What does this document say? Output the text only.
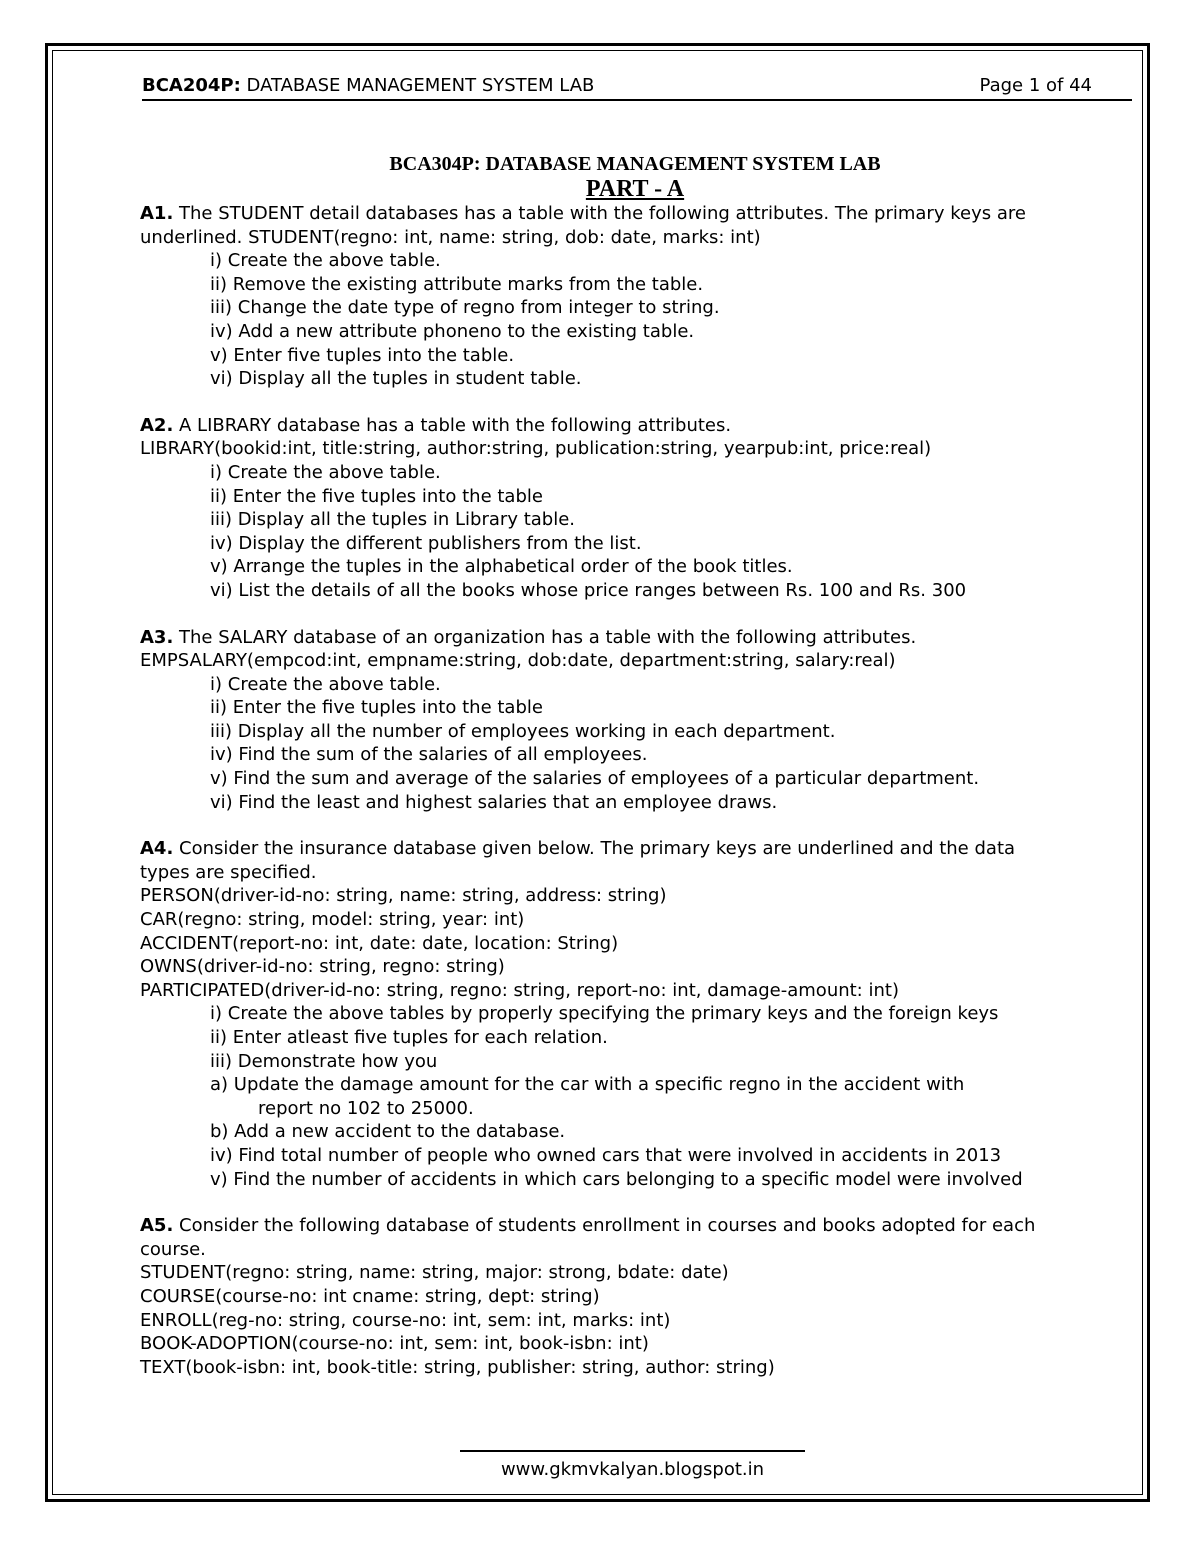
BCA204P: DATABASE MANAGEMENT SYSTEM LAB	Page 1 of 44
BCA304P: DATABASE MANAGEMENT SYSTEM LAB
PART - A
A1. The STUDENT detail databases has a table with the following attributes. The primary keys are
underlined. STUDENT(regno: int, name: string, dob: date, marks: int)
i) Create the above table.
ii) Remove the existing attribute marks from the table.
iii) Change the date type of regno from integer to string.
iv) Add a new attribute phoneno to the existing table.
v) Enter five tuples into the table.
vi) Display all the tuples in student table.
A2. A LIBRARY database has a table with the following attributes.
LIBRARY(bookid:int, title:string, author:string, publication:string, yearpub:int, price:real)
i) Create the above table.
ii) Enter the five tuples into the table
iii) Display all the tuples in Library table.
iv) Display the different publishers from the list.
v) Arrange the tuples in the alphabetical order of the book titles.
vi) List the details of all the books whose price ranges between Rs. 100 and Rs. 300
A3. The SALARY database of an organization has a table with the following attributes.
EMPSALARY(empcod:int, empname:string, dob:date, department:string, salary:real)
i) Create the above table.
ii) Enter the five tuples into the table
iii) Display all the number of employees working in each department.
iv) Find the sum of the salaries of all employees.
v) Find the sum and average of the salaries of employees of a particular department.
vi) Find the least and highest salaries that an employee draws.
A4. Consider the insurance database given below. The primary keys are underlined and the data
types are specified.
PERSON(driver-id-no: string, name: string, address: string)
CAR(regno: string, model: string, year: int)
ACCIDENT(report-no: int, date: date, location: String)
OWNS(driver-id-no: string, regno: string)
PARTICIPATED(driver-id-no: string, regno: string, report-no: int, damage-amount: int)
i) Create the above tables by properly specifying the primary keys and the foreign keys
ii) Enter atleast five tuples for each relation.
iii) Demonstrate how you
a) Update the damage amount for the car with a specific regno in the accident with
report no 102 to 25000.
b) Add a new accident to the database.
iv) Find total number of people who owned cars that were involved in accidents in 2013
v) Find the number of accidents in which cars belonging to a specific model were involved
A5. Consider the following database of students enrollment in courses and books adopted for each
course.
STUDENT(regno: string, name: string, major: strong, bdate: date)
COURSE(course-no: int cname: string, dept: string)
ENROLL(reg-no: string, course-no: int, sem: int, marks: int)
BOOK-ADOPTION(course-no: int, sem: int, book-isbn: int)
TEXT(book-isbn: int, book-title: string, publisher: string, author: string)
www.gkmvkalyan.blogspot.in
